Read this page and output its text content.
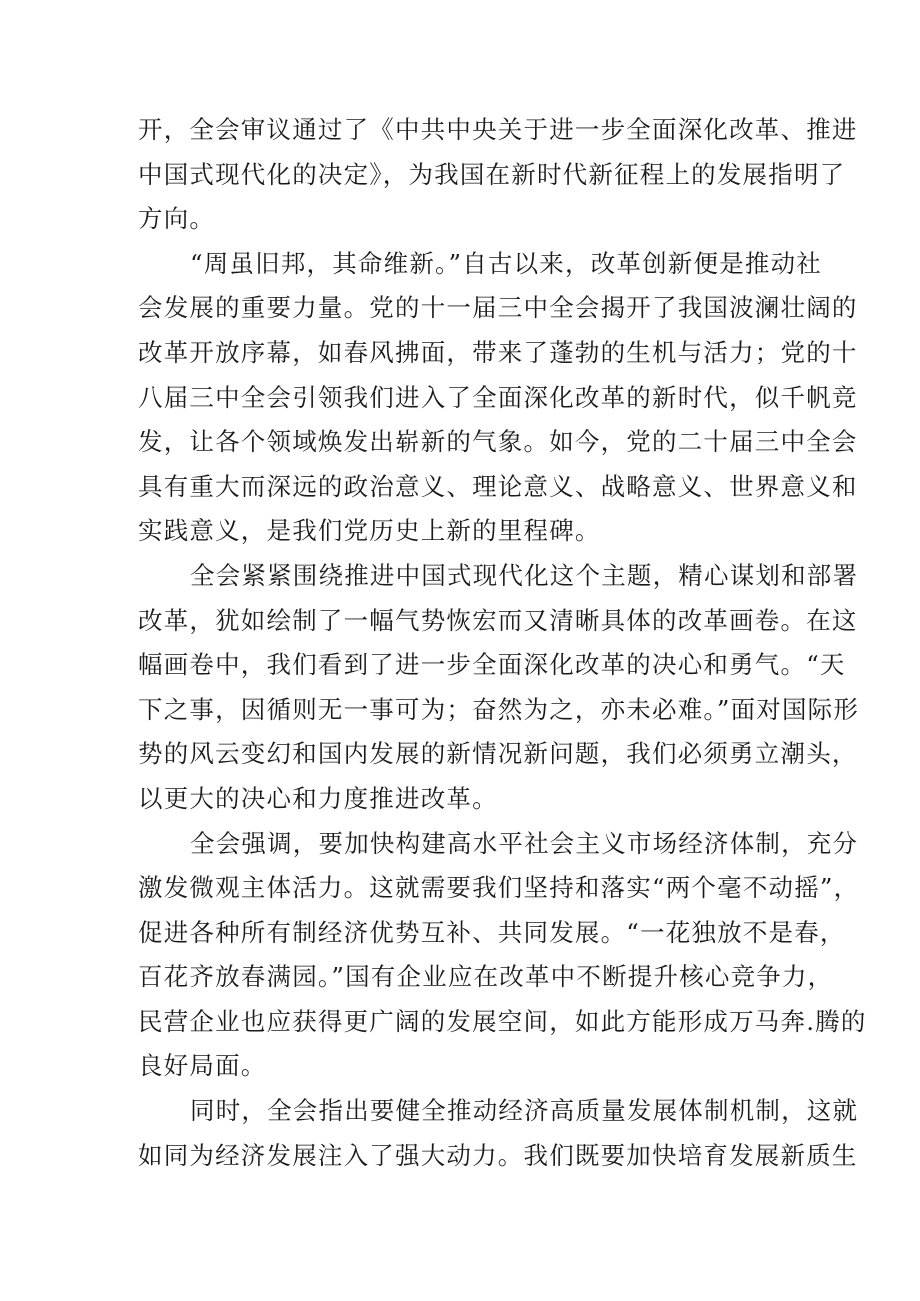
开，全会审议通过了《中共中央关于进一步全面深化改革、推进
中国式现代化的决定》，为我国在新时代新征程上的发展指明了
方向。
“周虽旧邦，其命维新。”自古以来，改革创新便是推动社
会发展的重要力量。党的十一届三中全会揭开了我国波澜壮阔的
改革开放序幕，如春风拂面，带来了蓬勃的生机与活力；党的十
八届三中全会引领我们进入了全面深化改革的新时代，似千帆竞
发，让各个领域焕发出崭新的气象。如今，党的二十届三中全会
具有重大而深远的政治意义、理论意义、战略意义、世界意义和
实践意义，是我们党历史上新的里程碑。
全会紧紧围绕推进中国式现代化这个主题，精心谋划和部署
改革，犹如绘制了一幅气势恢宏而又清晰具体的改革画卷。在这
幅画卷中，我们看到了进一步全面深化改革的决心和勇气。“天
下之事，因循则无一事可为；奋然为之，亦未必难。”面对国际形
势的风云变幻和国内发展的新情况新问题，我们必须勇立潮头，
以更大的决心和力度推进改革。
全会强调，要加快构建高水平社会主义市场经济体制，充分
激发微观主体活力。这就需要我们坚持和落实“两个毫不动摇”，
促进各种所有制经济优势互补、共同发展。“一花独放不是春，
百花齐放春满园。”国有企业应在改革中不断提升核心竞争力，
民营企业也应获得更广阔的发展空间，如此方能形成万马奔.腾的
良好局面。
同时，全会指出要健全推动经济高质量发展体制机制，这就
如同为经济发展注入了强大动力。我们既要加快培育发展新质生
